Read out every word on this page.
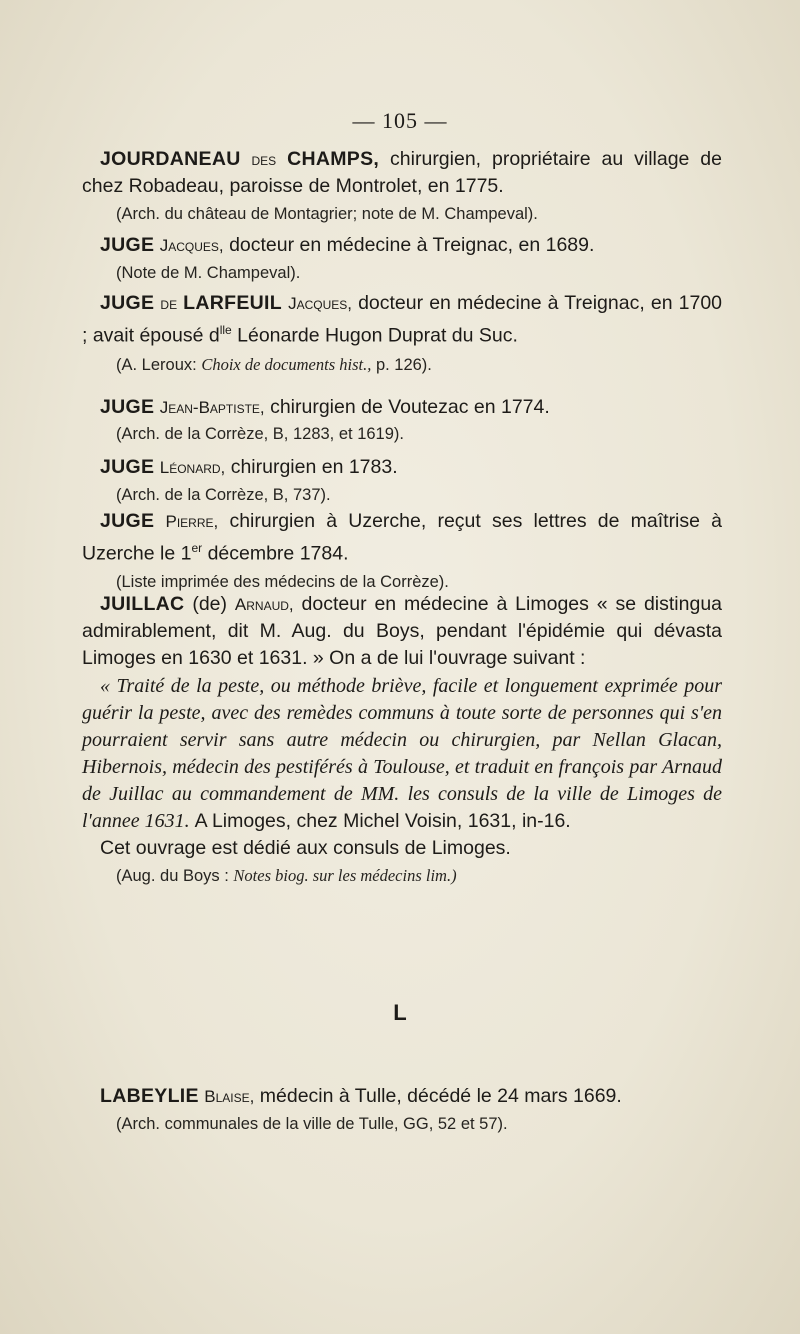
— 105 —
JOURDANEAU des CHAMPS, chirurgien, propriétaire au village de chez Robadeau, paroisse de Montrolet, en 1775.
(Arch. du château de Montagrier; note de M. Champeval).
JUGE Jacques, docteur en médecine à Treignac, en 1689.
(Note de M. Champeval).
JUGE de LARFEUIL Jacques, docteur en médecine à Treignac, en 1700 ; avait épousé $d^{lle}$ Léonarde Hugon Duprat du Suc.
(A. Leroux: Choix de documents hist., p. 126).
JUGE Jean-Baptiste, chirurgien de Voutezac en 1774.
(Arch. de la Corrèze, B, 1283, et 1619).
JUGE Léonard, chirurgien en 1783.
(Arch. de la Corrèze, B, 737).
JUGE Pierre, chirurgien à Uzerche, reçut ses lettres de maîtrise à Uzerche le 1er décembre 1784.
(Liste imprimée des médecins de la Corrèze).
JUILLAC (de) Arnaud, docteur en médecine à Limoges « se distingua admirablement, dit M. Aug. du Boys, pendant l'épidémie qui dévasta Limoges en 1630 et 1631. » On a de lui l'ouvrage suivant :
« Traité de la peste, ou méthode briève, facile et longuement exprimée pour guérir la peste, avec des remèdes communs à toute sorte de personnes qui s'en pourraient servir sans autre médecin ou chirurgien, par Nellan Glacan, Hibernois, médecin des pestiférés à Toulouse, et traduit en françois par Arnaud de Juillac au commandement de MM. les consuls de la ville de Limoges de l'annee 1631. A Limoges, chez Michel Voisin, 1631, in-16.
Cet ouvrage est dédié aux consuls de Limoges.
(Aug. du Boys : Notes biog. sur les médecins lim.)
L
LABEYLIE Blaise, médecin à Tulle, décédé le 24 mars 1669.
(Arch. communales de la ville de Tulle, GG, 52 et 57).
